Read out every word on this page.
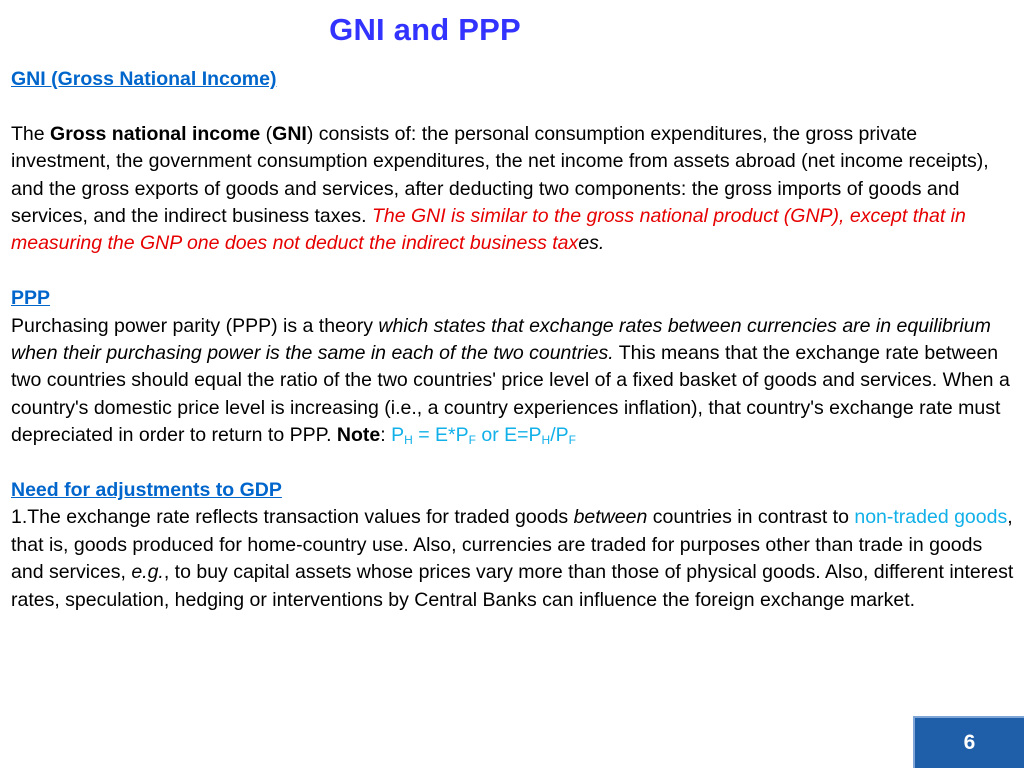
GNI and PPP

GNI (Gross National Income)

The Gross national income (GNI) consists of: the personal consumption expenditures, the gross private investment, the government consumption expenditures, the net income from assets abroad (net income receipts), and the gross exports of goods and services, after deducting two components: the gross imports of goods and services, and the indirect business taxes. The GNI is similar to the gross national product (GNP), except that in measuring the GNP one does not deduct the indirect business taxes.

PPP

Purchasing power parity (PPP) is a theory which states that exchange rates between currencies are in equilibrium when their purchasing power is the same in each of the two countries. This means that the exchange rate between two countries should equal the ratio of the two countries' price level of a fixed basket of goods and services. When a country's domestic price level is increasing (i.e., a country experiences inflation), that country's exchange rate must depreciated in order to return to PPP. Note: $P_H = E*P_F$ or $E=P_H/P_F$

Need for adjustments to GDP

1.The exchange rate reflects transaction values for traded goods between countries in contrast to non-traded goods, that is, goods produced for home-country use. Also, currencies are traded for purposes other than trade in goods and services, e.g., to buy capital assets whose prices vary more than those of physical goods. Also, different interest rates, speculation, hedging or interventions by Central Banks can influence the foreign exchange market.

6
